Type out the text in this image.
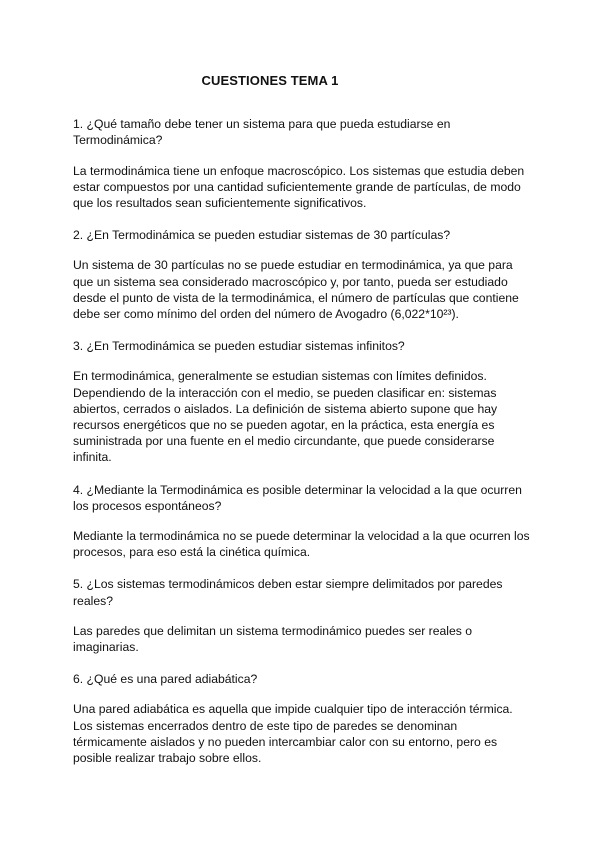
CUESTIONES TEMA 1

1. ¿Qué tamaño debe tener un sistema para que pueda estudiarse en Termodinámica?

La termodinámica tiene un enfoque macroscópico. Los sistemas que estudia deben estar compuestos por una cantidad suficientemente grande de partículas, de modo que los resultados sean suficientemente significativos.

2. ¿En Termodinámica se pueden estudiar sistemas de 30 partículas?

Un sistema de 30 partículas no se puede estudiar en termodinámica, ya que para que un sistema sea considerado macroscópico y, por tanto, pueda ser estudiado desde el punto de vista de la termodinámica, el número de partículas que contiene debe ser como mínimo del orden del número de Avogadro (6,022*10²³).

3. ¿En Termodinámica se pueden estudiar sistemas infinitos?

En termodinámica, generalmente se estudian sistemas con límites definidos. Dependiendo de la interacción con el medio, se pueden clasificar en: sistemas abiertos, cerrados o aislados. La definición de sistema abierto supone que hay recursos energéticos que no se pueden agotar, en la práctica, esta energía es suministrada por una fuente en el medio circundante, que puede considerarse infinita.

4. ¿Mediante la Termodinámica es posible determinar la velocidad a la que ocurren los procesos espontáneos?

Mediante la termodinámica no se puede determinar la velocidad a la que ocurren los procesos, para eso está la cinética química.

5. ¿Los sistemas termodinámicos deben estar siempre delimitados por paredes reales?

Las paredes que delimitan un sistema termodinámico puedes ser reales o imaginarias.

6. ¿Qué es una pared adiabática?

Una pared adiabática es aquella que impide cualquier tipo de interacción térmica. Los sistemas encerrados dentro de este tipo de paredes se denominan térmicamente aislados y no pueden intercambiar calor con su entorno, pero es posible realizar trabajo sobre ellos.
